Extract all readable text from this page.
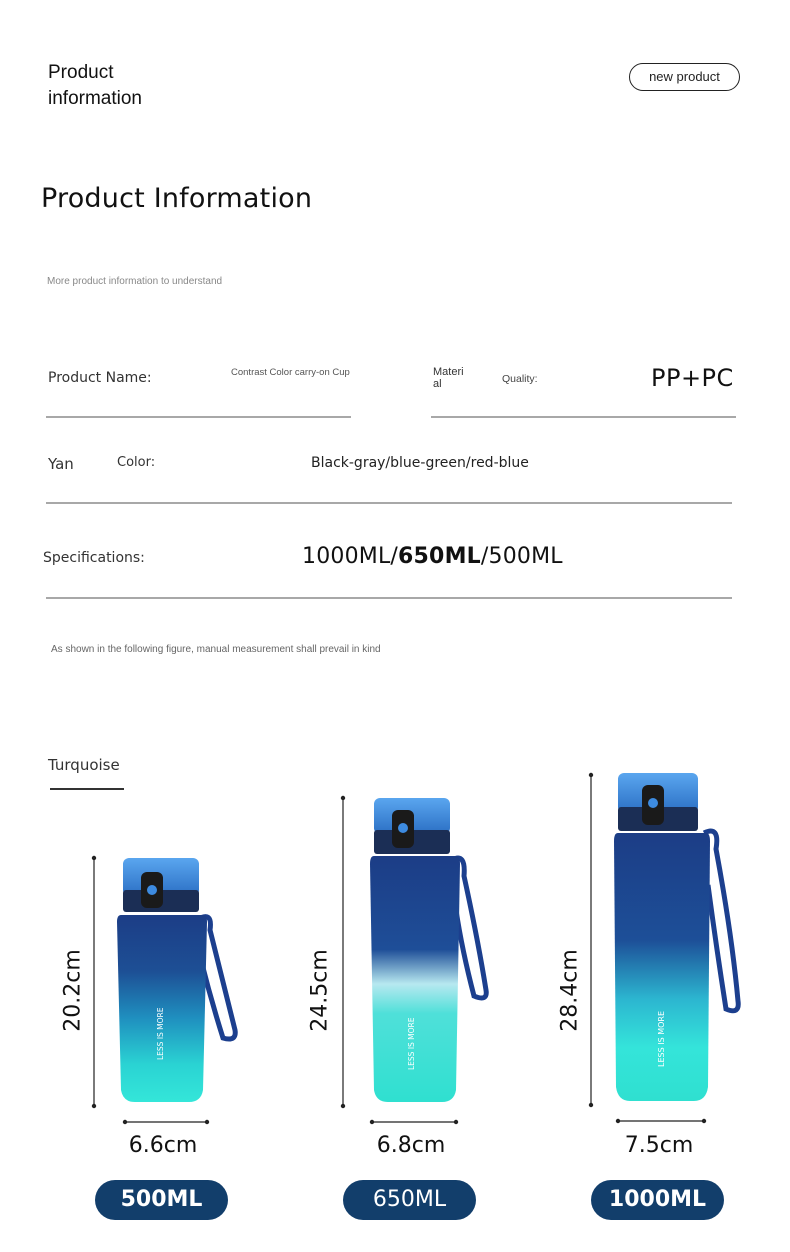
Product information
new product
Product Information
More product information to understand
Product Name:	Contrast Color carry-on Cup	Materi al	Quality:	PP+PC
Yan	Color:	Black-gray/blue-green/red-blue
Specifications:	1000ML/650ML/500ML
As shown in the following figure, manual measurement shall prevail in kind
Turquoise
LESS IS MORE
20.2cm
6.6cm
500ML
LESS IS MORE
24.5cm
6.8cm
650ML
LESS IS MORE
28.4cm
7.5cm
1000ML
